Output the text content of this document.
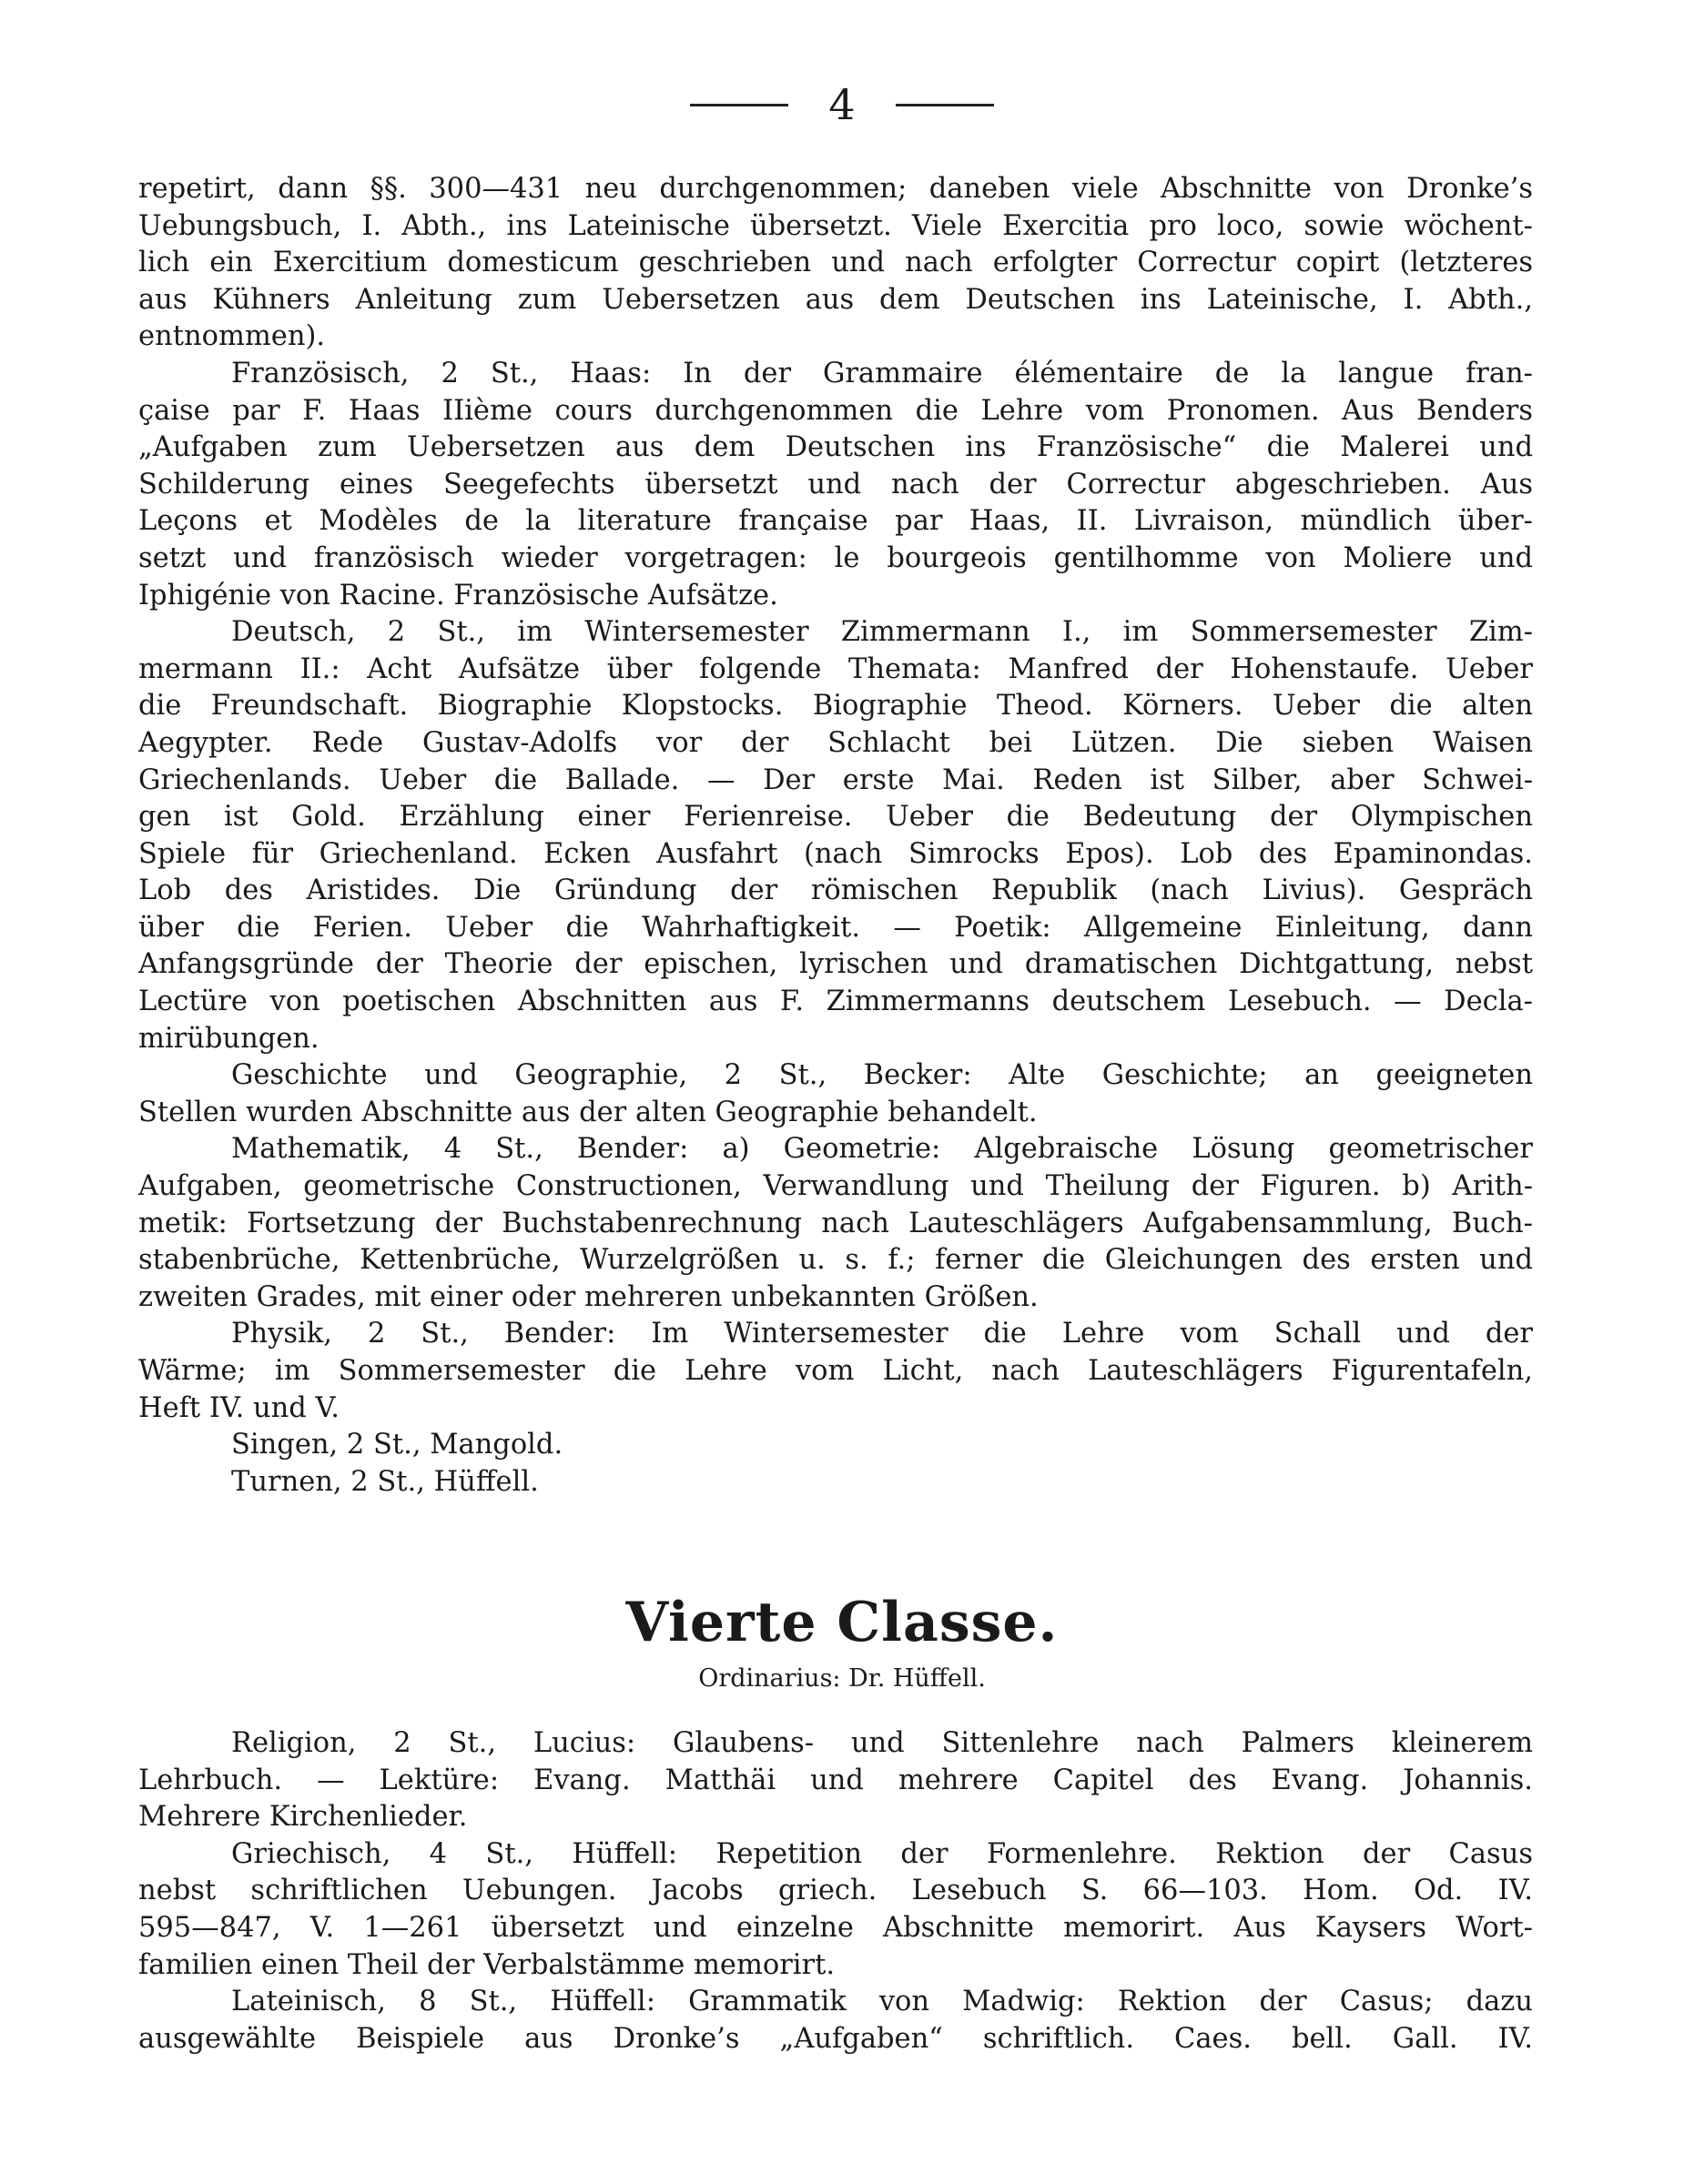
4
repetirt, dann §§. 300—431 neu durchgenommen; daneben viele Abschnitte von Dronke’s
Uebungsbuch, I. Abth., ins Lateinische übersetzt. Viele Exercitia pro loco, sowie wöchent-
lich ein Exercitium domesticum geschrieben und nach erfolgter Correctur copirt (letzteres
aus Kühners Anleitung zum Uebersetzen aus dem Deutschen ins Lateinische, I. Abth.,
entnommen).
Französisch, 2 St., Haas: In der Grammaire élémentaire de la langue fran-
çaise par F. Haas IIième cours durchgenommen die Lehre vom Pronomen. Aus Benders
„Aufgaben zum Uebersetzen aus dem Deutschen ins Französische“ die Malerei und
Schilderung eines Seegefechts übersetzt und nach der Correctur abgeschrieben. Aus
Leçons et Modèles de la literature française par Haas, II. Livraison, mündlich über-
setzt und französisch wieder vorgetragen: le bourgeois gentilhomme von Moliere und
Iphigénie von Racine. Französische Aufsätze.
Deutsch, 2 St., im Wintersemester Zimmermann I., im Sommersemester Zim-
mermann II.: Acht Aufsätze über folgende Themata: Manfred der Hohenstaufe. Ueber
die Freundschaft. Biographie Klopstocks. Biographie Theod. Körners. Ueber die alten
Aegypter. Rede Gustav-Adolfs vor der Schlacht bei Lützen. Die sieben Waisen
Griechenlands. Ueber die Ballade. — Der erste Mai. Reden ist Silber, aber Schwei-
gen ist Gold. Erzählung einer Ferienreise. Ueber die Bedeutung der Olympischen
Spiele für Griechenland. Ecken Ausfahrt (nach Simrocks Epos). Lob des Epaminondas.
Lob des Aristides. Die Gründung der römischen Republik (nach Livius). Gespräch
über die Ferien. Ueber die Wahrhaftigkeit. — Poetik: Allgemeine Einleitung, dann
Anfangsgründe der Theorie der epischen, lyrischen und dramatischen Dichtgattung, nebst
Lectüre von poetischen Abschnitten aus F. Zimmermanns deutschem Lesebuch. — Decla-
mirübungen.
Geschichte und Geographie, 2 St., Becker: Alte Geschichte; an geeigneten
Stellen wurden Abschnitte aus der alten Geographie behandelt.
Mathematik, 4 St., Bender: a) Geometrie: Algebraische Lösung geometrischer
Aufgaben, geometrische Constructionen, Verwandlung und Theilung der Figuren. b) Arith-
metik: Fortsetzung der Buchstabenrechnung nach Lauteschlägers Aufgabensammlung, Buch-
stabenbrüche, Kettenbrüche, Wurzelgrößen u. s. f.; ferner die Gleichungen des ersten und
zweiten Grades, mit einer oder mehreren unbekannten Größen.
Physik, 2 St., Bender: Im Wintersemester die Lehre vom Schall und der
Wärme; im Sommersemester die Lehre vom Licht, nach Lauteschlägers Figurentafeln,
Heft IV. und V.
Singen, 2 St., Mangold.
Turnen, 2 St., Hüffell.
Vierte Classe.
Ordinarius: Dr. Hüffell.
Religion, 2 St., Lucius: Glaubens- und Sittenlehre nach Palmers kleinerem
Lehrbuch. — Lektüre: Evang. Matthäi und mehrere Capitel des Evang. Johannis.
Mehrere Kirchenlieder.
Griechisch, 4 St., Hüffell: Repetition der Formenlehre. Rektion der Casus
nebst schriftlichen Uebungen. Jacobs griech. Lesebuch S. 66—103. Hom. Od. IV.
595—847, V. 1—261 übersetzt und einzelne Abschnitte memorirt. Aus Kaysers Wort-
familien einen Theil der Verbalstämme memorirt.
Lateinisch, 8 St., Hüffell: Grammatik von Madwig: Rektion der Casus; dazu
ausgewählte Beispiele aus Dronke’s „Aufgaben“ schriftlich. Caes. bell. Gall. IV.
